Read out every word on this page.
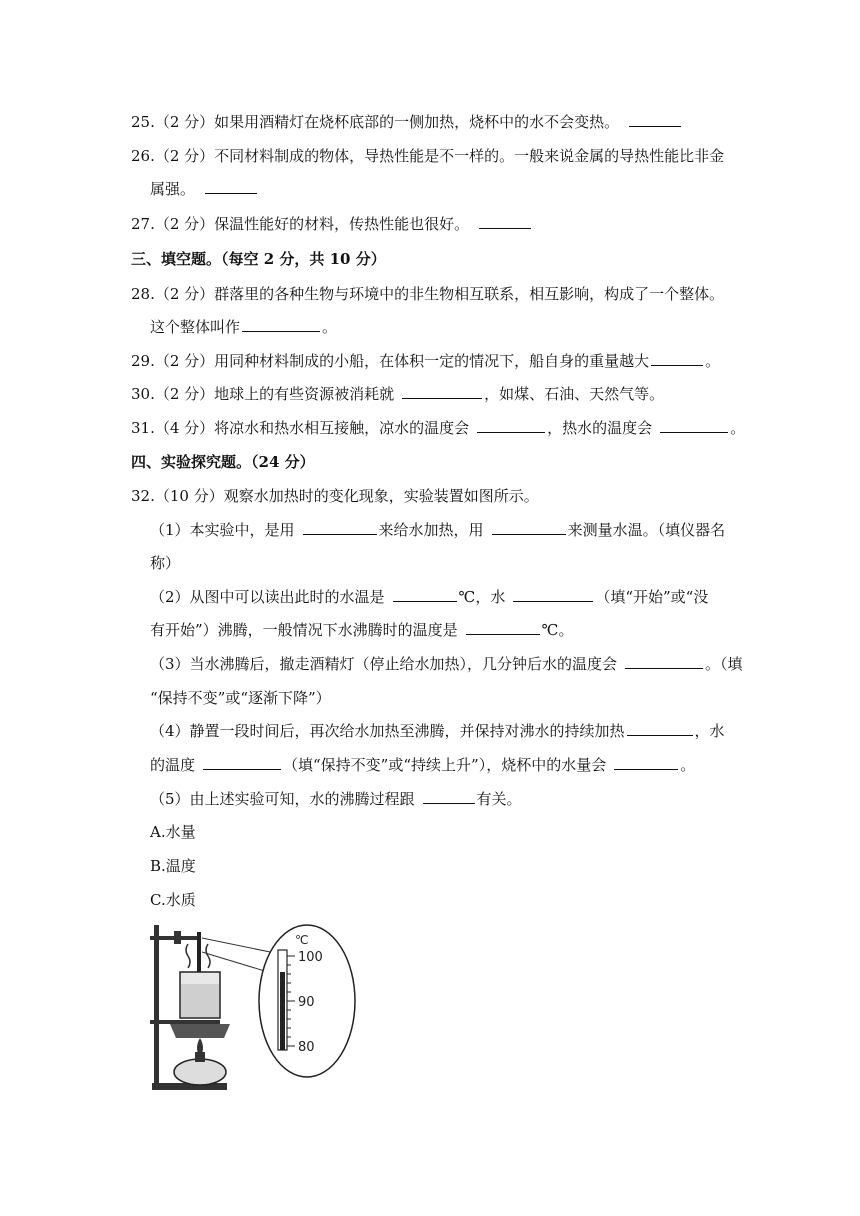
25.（2 分）如果用酒精灯在烧杯底部的一侧加热，烧杯中的水不会变热。
26.（2 分）不同材料制成的物体，导热性能是不一样的。一般来说金属的导热性能比非金
属强。
27.（2 分）保温性能好的材料，传热性能也很好。
三、填空题。（每空 2 分，共 10 分）
28.（2 分）群落里的各种生物与环境中的非生物相互联系，相互影响，构成了一个整体。
这个整体叫作	。
29.（2 分）用同种材料制成的小船，在体积一定的情况下，船自身的重量越大	。
30.（2 分）地球上的有些资源被消耗就	，如煤、石油、天然气等。
31.（4 分）将凉水和热水相互接触，凉水的温度会	，热水的温度会	。
四、实验探究题。（24 分）
32.（10 分）观察水加热时的变化现象，实验装置如图所示。
（1）本实验中，是用	来给水加热，用	来测量水温。（填仪器名
称）
（2）从图中可以读出此时的水温是	℃，水	（填“开始”或“没
有开始”）沸腾，一般情况下水沸腾时的温度是	℃。
（3）当水沸腾后，撤走酒精灯（停止给水加热），几分钟后水的温度会	。（填
“保持不变”或“逐渐下降”）
（4）静置一段时间后，再次给水加热至沸腾，并保持对沸水的持续加热	，水
的温度	（填“保持不变”或“持续上升”），烧杯中的水量会	。
（5）由上述实验可知，水的沸腾过程跟	有关。
A.水量
B.温度
C.水质
℃
100
90
80
